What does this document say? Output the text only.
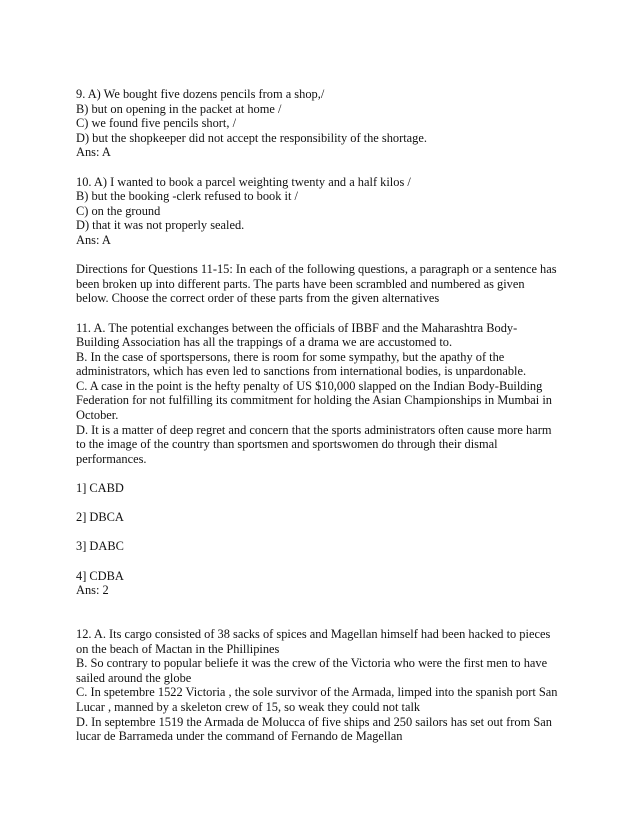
9. A) We bought five dozens pencils from a shop,/
B) but on opening in the packet at home /
C) we found five pencils short, /
D) but the shopkeeper did not accept the responsibility of the shortage.
Ans: A
10. A) I wanted to book a parcel weighting twenty and a half kilos /
B) but the booking -clerk refused to book it /
C) on the ground
D) that it was not properly sealed.
Ans: A
Directions for Questions 11-15: In each of the following questions, a paragraph or a sentence has
been broken up into different parts. The parts have been scrambled and numbered as given
below. Choose the correct order of these parts from the given alternatives
11. A. The potential exchanges between the officials of IBBF and the Maharashtra Body-
Building Association has all the trappings of a drama we are accustomed to.
B. In the case of sportspersons, there is room for some sympathy, but the apathy of the
administrators, which has even led to sanctions from international bodies, is unpardonable.
C. A case in the point is the hefty penalty of US $10,000 slapped on the Indian Body-Building
Federation for not fulfilling its commitment for holding the Asian Championships in Mumbai in
October.
D. It is a matter of deep regret and concern that the sports administrators often cause more harm
to the image of the country than sportsmen and sportswomen do through their dismal
performances.
1] CABD
2] DBCA
3] DABC
4] CDBA
Ans: 2
12. A. Its cargo consisted of 38 sacks of spices and Magellan himself had been hacked to pieces
on the beach of Mactan in the Phillipines
B. So contrary to popular beliefe it was the crew of the Victoria who were the first men to have
sailed around the globe
C. In spetembre 1522 Victoria , the sole survivor of the Armada, limped into the spanish port San
Lucar , manned by a skeleton crew of 15, so weak they could not talk
D. In septembre 1519 the Armada de Molucca of five ships and 250 sailors has set out from San
lucar de Barrameda under the command of Fernando de Magellan
